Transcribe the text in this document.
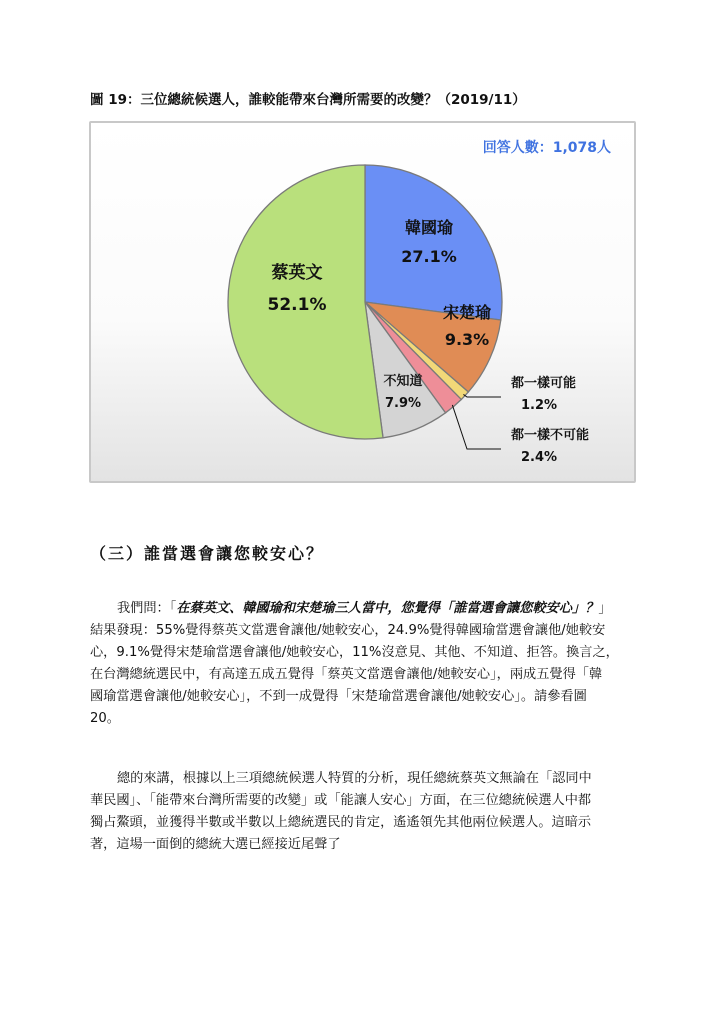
圖 19：三位總統候選人，誰較能帶來台灣所需要的改變？（2019/11）
韓國瑜
27.1%
宋楚瑜
9.3%
都一樣可能
1.2%
都一樣不可能
2.4%
不知道
7.9%
蔡英文
52.1%
回答人數：1,078人
（三）誰當選會讓您較安心？
我們問：「在蔡英文、韓國瑜和宋楚瑜三人當中，您覺得「誰當選會讓您較安心」？」
結果發現：55%覺得蔡英文當選會讓他/她較安心，24.9%覺得韓國瑜當選會讓他/她較安
心，9.1%覺得宋楚瑜當選會讓他/她較安心，11%沒意見、其他、不知道、拒答。換言之，
在台灣總統選民中，有高達五成五覺得「蔡英文當選會讓他/她較安心」，兩成五覺得「韓
國瑜當選會讓他/她較安心」，不到一成覺得「宋楚瑜當選會讓他/她較安心」。請參看圖
20。
總的來講，根據以上三項總統候選人特質的分析，現任總統蔡英文無論在「認同中
華民國」、「能帶來台灣所需要的改變」或「能讓人安心」方面，在三位總統候選人中都
獨占鰲頭，並獲得半數或半數以上總統選民的肯定，遙遙領先其他兩位候選人。這暗示
著，這場一面倒的總統大選已經接近尾聲了
